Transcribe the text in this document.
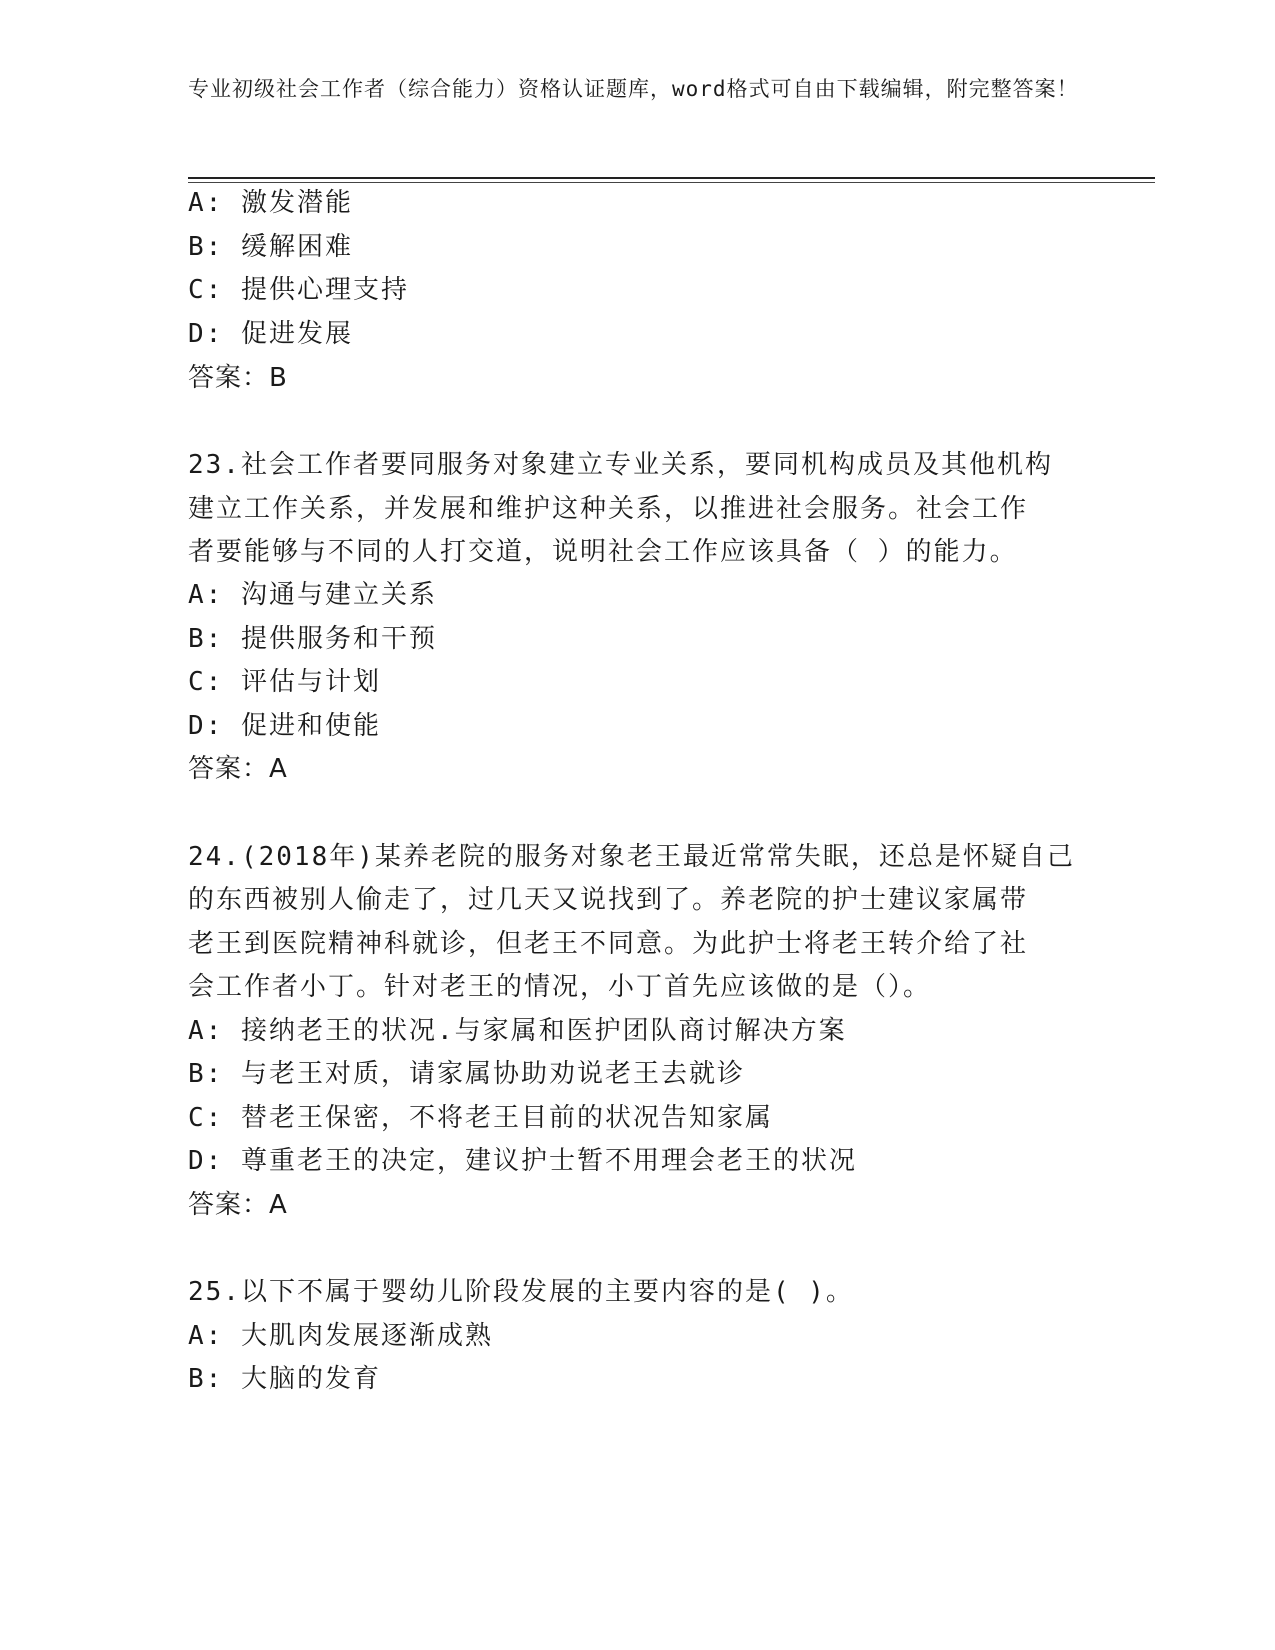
专业初级社会工作者（综合能力）资格认证题库，word格式可自由下载编辑，附完整答案！
A: 激发潜能
B: 缓解困难
C: 提供心理支持
D: 促进发展
答案：B
23.社会工作者要同服务对象建立专业关系，要同机构成员及其他机构
建立工作关系，并发展和维护这种关系，以推进社会服务。社会工作
者要能够与不同的人打交道，说明社会工作应该具备（ ）的能力。
A: 沟通与建立关系
B: 提供服务和干预
C: 评估与计划
D: 促进和使能
答案：A
24.(2018年)某养老院的服务对象老王最近常常失眠，还总是怀疑自己
的东西被别人偷走了，过几天又说找到了。养老院的护士建议家属带
老王到医院精神科就诊，但老王不同意。为此护士将老王转介给了社
会工作者小丁。针对老王的情况，小丁首先应该做的是（）。
A: 接纳老王的状况.与家属和医护团队商讨解决方案
B: 与老王对质，请家属协助劝说老王去就诊
C: 替老王保密，不将老王目前的状况告知家属
D: 尊重老王的决定，建议护士暂不用理会老王的状况
答案：A
25.以下不属于婴幼儿阶段发展的主要内容的是( )。
A: 大肌肉发展逐渐成熟
B: 大脑的发育
